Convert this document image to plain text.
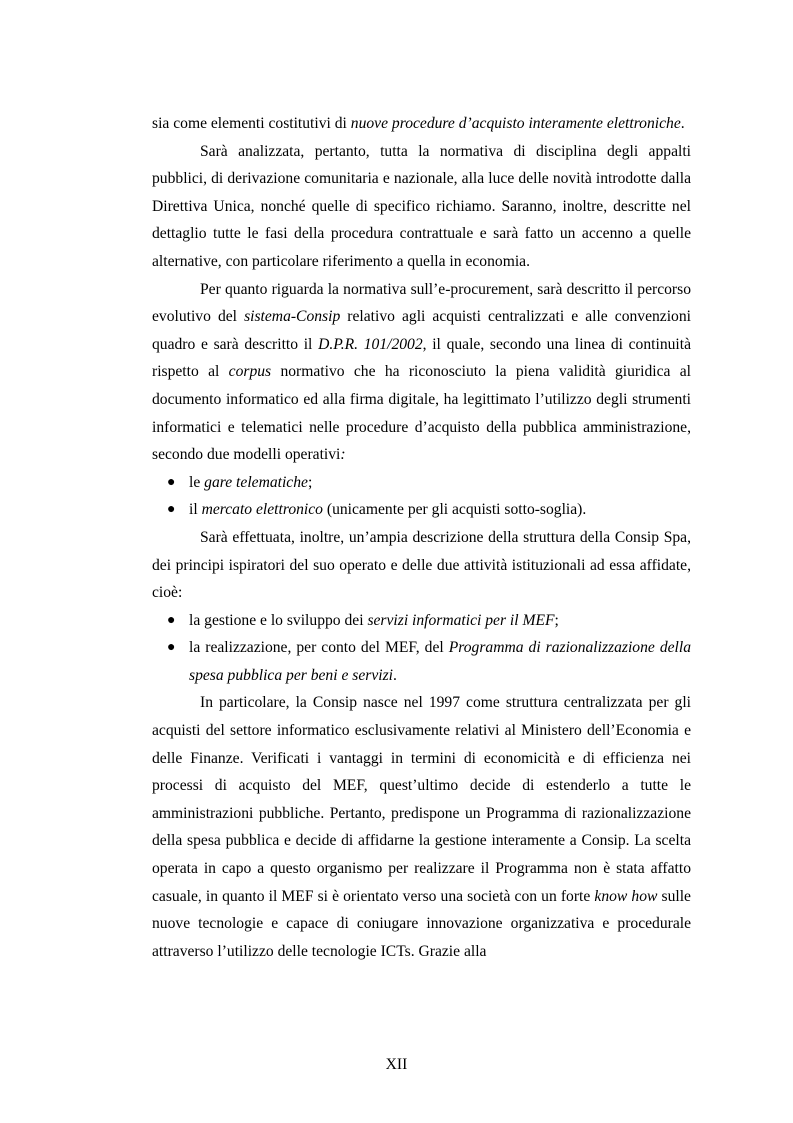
sia come elementi costitutivi di nuove procedure d’acquisto interamente elettroniche.

Sarà analizzata, pertanto, tutta la normativa di disciplina degli appalti pubblici, di derivazione comunitaria e nazionale, alla luce delle novità introdotte dalla Direttiva Unica, nonché quelle di specifico richiamo. Saranno, inoltre, descritte nel dettaglio tutte le fasi della procedura contrattuale e sarà fatto un accenno a quelle alternative, con particolare riferimento a quella in economia.

Per quanto riguarda la normativa sull’e-procurement, sarà descritto il percorso evolutivo del sistema-Consip relativo agli acquisti centralizzati e alle convenzioni quadro e sarà descritto il D.P.R. 101/2002, il quale, secondo una linea di continuità rispetto al corpus normativo che ha riconosciuto la piena validità giuridica al documento informatico ed alla firma digitale, ha legittimato l’utilizzo degli strumenti informatici e telematici nelle procedure d’acquisto della pubblica amministrazione, secondo due modelli operativi:

● le gare telematiche;
● il mercato elettronico (unicamente per gli acquisti sotto-soglia).

Sarà effettuata, inoltre, un’ampia descrizione della struttura della Consip Spa, dei principi ispiratori del suo operato e delle due attività istituzionali ad essa affidate, cioè:

● la gestione e lo sviluppo dei servizi informatici per il MEF;
● la realizzazione, per conto del MEF, del Programma di razionalizzazione della spesa pubblica per beni e servizi.

In particolare, la Consip nasce nel 1997 come struttura centralizzata per gli acquisti del settore informatico esclusivamente relativi al Ministero dell’Economia e delle Finanze. Verificati i vantaggi in termini di economicità e di efficienza nei processi di acquisto del MEF, quest’ultimo decide di estenderlo a tutte le amministrazioni pubbliche. Pertanto, predispone un Programma di razionalizzazione della spesa pubblica e decide di affidarne la gestione interamente a Consip. La scelta operata in capo a questo organismo per realizzare il Programma non è stata affatto casuale, in quanto il MEF si è orientato verso una società con un forte know how sulle nuove tecnologie e capace di coniugare innovazione organizzativa e procedurale attraverso l’utilizzo delle tecnologie ICTs. Grazie alla

XII
